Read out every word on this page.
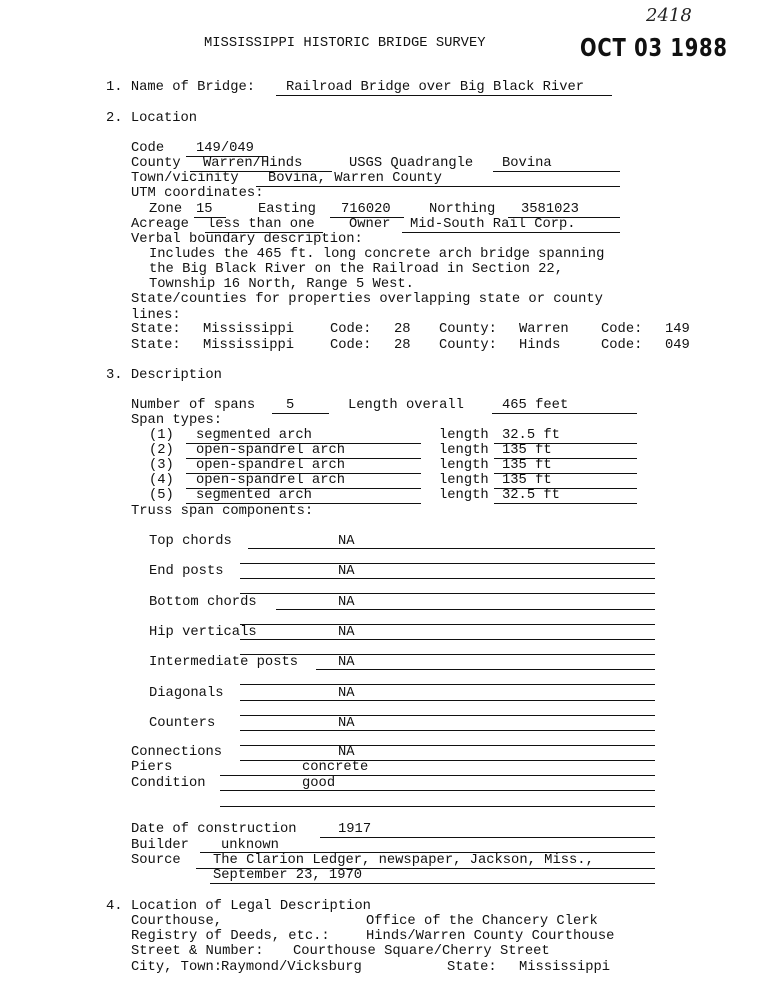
2418
MISSISSIPPI HISTORIC BRIDGE SURVEY	OCT 03 1988
1. Name of Bridge: Railroad Bridge over Big Black River
2. Location
Code 149/049
County Warren/Hinds	USGS Quadrangle Bovina
Town/vicinity Bovina, Warren County
UTM coordinates:
Zone 15	Easting 716020	Northing 3581023
Acreage less than one Owner Mid-South Rail Corp.
Verbal boundary description:
Includes the 465 ft. long concrete arch bridge spanning
the Big Black River on the Railroad in Section 22,
Township 16 North, Range 5 West.
State/counties for properties overlapping state or county
lines:
State: Mississippi	Code: 28 County: Warren Code: 149
State: Mississippi	Code: 28 County: Hinds	Code: 049
3. Description
Number of spans 5	Length overall	465 feet
Span types:
Truss span components:
Connections	NA
Piers	concrete
Condition	good
Date of construction	1917
Builder unknown
Source The Clarion Ledger, newspaper, Jackson, Miss.,
September 23, 1970
4. Location of Legal Description
Courthouse,	Office of the Chancery Clerk
Registry of Deeds, etc.:	Hinds/Warren County Courthouse
Street & Number: Courthouse Square/Cherry Street
City, Town:
Raymond/Vicksburg	State: Mississippi
(1) segmented arch	length 32.5 ft
(2) open-spandrel arch	length 135 ft
(3) open-spandrel arch	length 135 ft
(4) open-spandrel arch	length 135 ft
(5) segmented arch	length 32.5 ft
Top chords	NA
End posts	NA
Bottom chords	NA
Hip verticals	NA
Intermediate posts	NA
Diagonals	NA
Counters	NA
